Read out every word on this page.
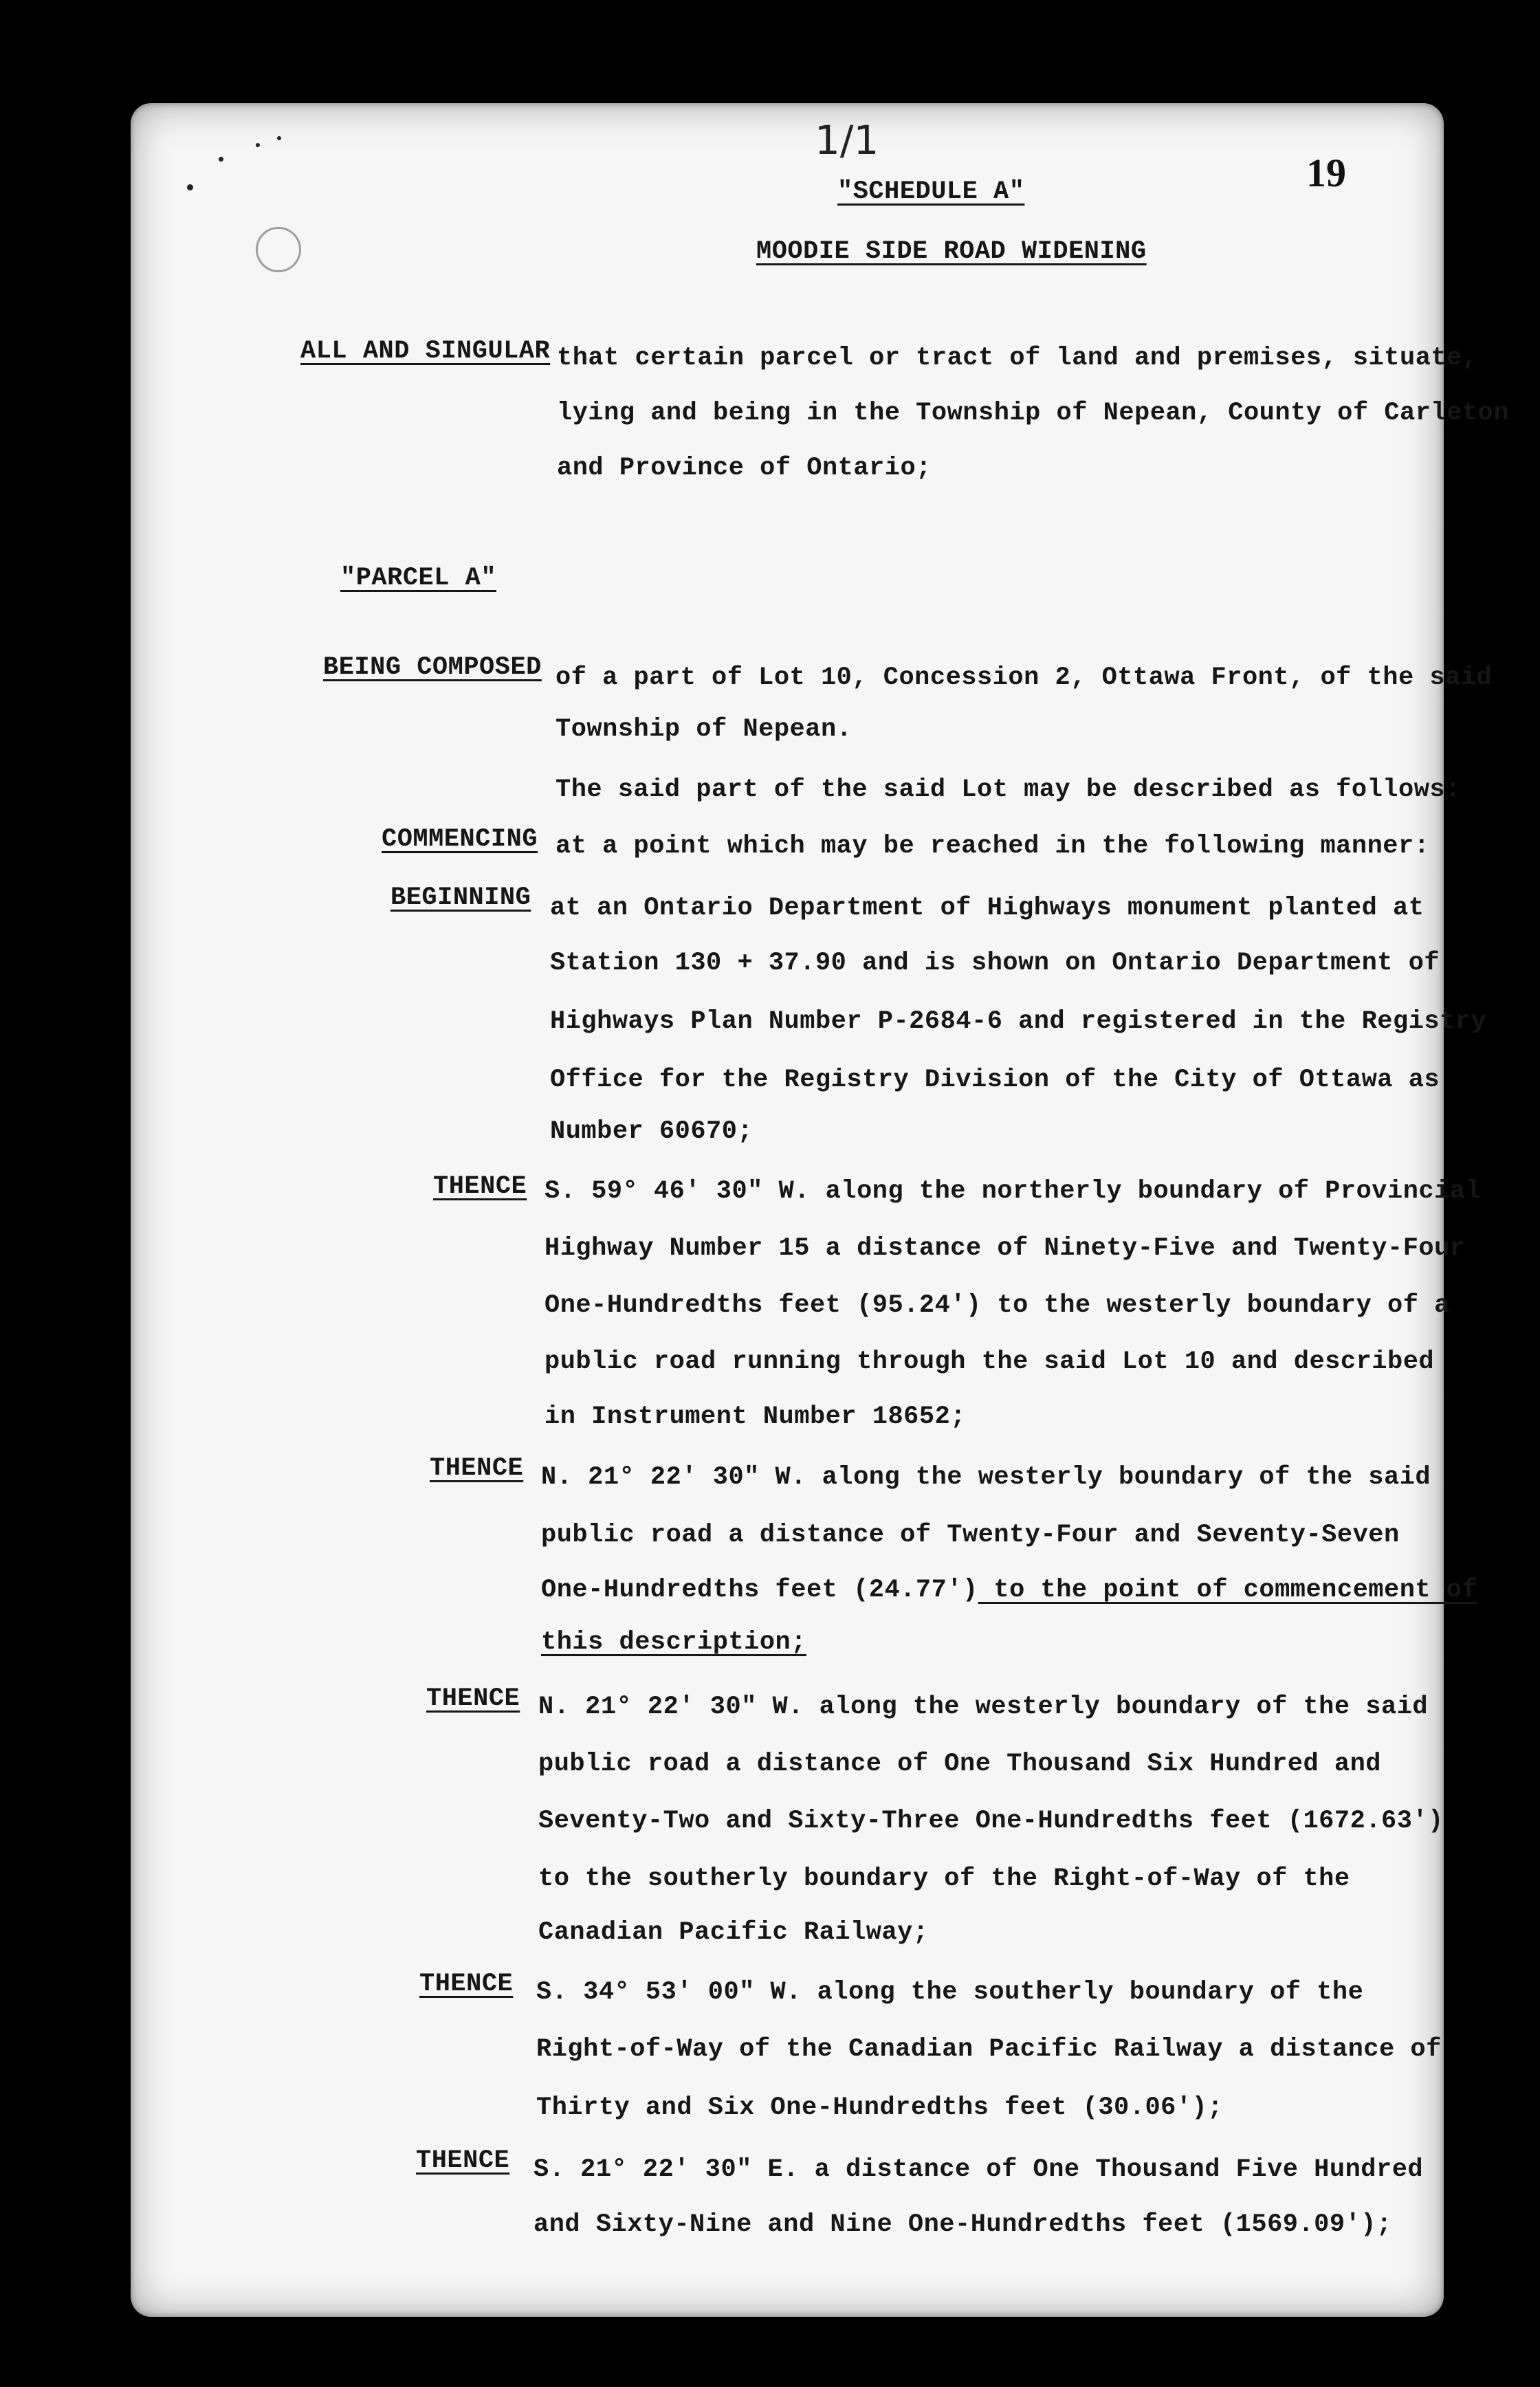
1/1
19
"SCHEDULE A"
MOODIE SIDE ROAD WIDENING
ALL AND SINGULAR that certain parcel or tract of land and premises, situate,
lying and being in the Township of Nepean, County of Carleton
and Province of Ontario;
"PARCEL A"
BEING COMPOSED of a part of Lot 10, Concession 2, Ottawa Front, of the said
Township of Nepean.
The said part of the said Lot may be described as follows:
COMMENCING at a point which may be reached in the following manner:
BEGINNING at an Ontario Department of Highways monument planted at
Station 130 + 37.90 and is shown on Ontario Department of
Highways Plan Number P-2684-6 and registered in the Registry
Office for the Registry Division of the City of Ottawa as
Number 60670;
THENCE S. 59° 46' 30" W. along the northerly boundary of Provincial
Highway Number 15 a distance of Ninety-Five and Twenty-Four
One-Hundredths feet (95.24') to the westerly boundary of a
public road running through the said Lot 10 and described
in Instrument Number 18652;
THENCE N. 21° 22' 30" W. along the westerly boundary of the said
public road a distance of Twenty-Four and Seventy-Seven
One-Hundredths feet (24.77') to the point of commencement of
this description;
THENCE N. 21° 22' 30" W. along the westerly boundary of the said
public road a distance of One Thousand Six Hundred and
Seventy-Two and Sixty-Three One-Hundredths feet (1672.63')
to the southerly boundary of the Right-of-Way of the
Canadian Pacific Railway;
THENCE S. 34° 53' 00" W. along the southerly boundary of the
Right-of-Way of the Canadian Pacific Railway a distance of
Thirty and Six One-Hundredths feet (30.06');
THENCE S. 21° 22' 30" E. a distance of One Thousand Five Hundred
and Sixty-Nine and Nine One-Hundredths feet (1569.09');
